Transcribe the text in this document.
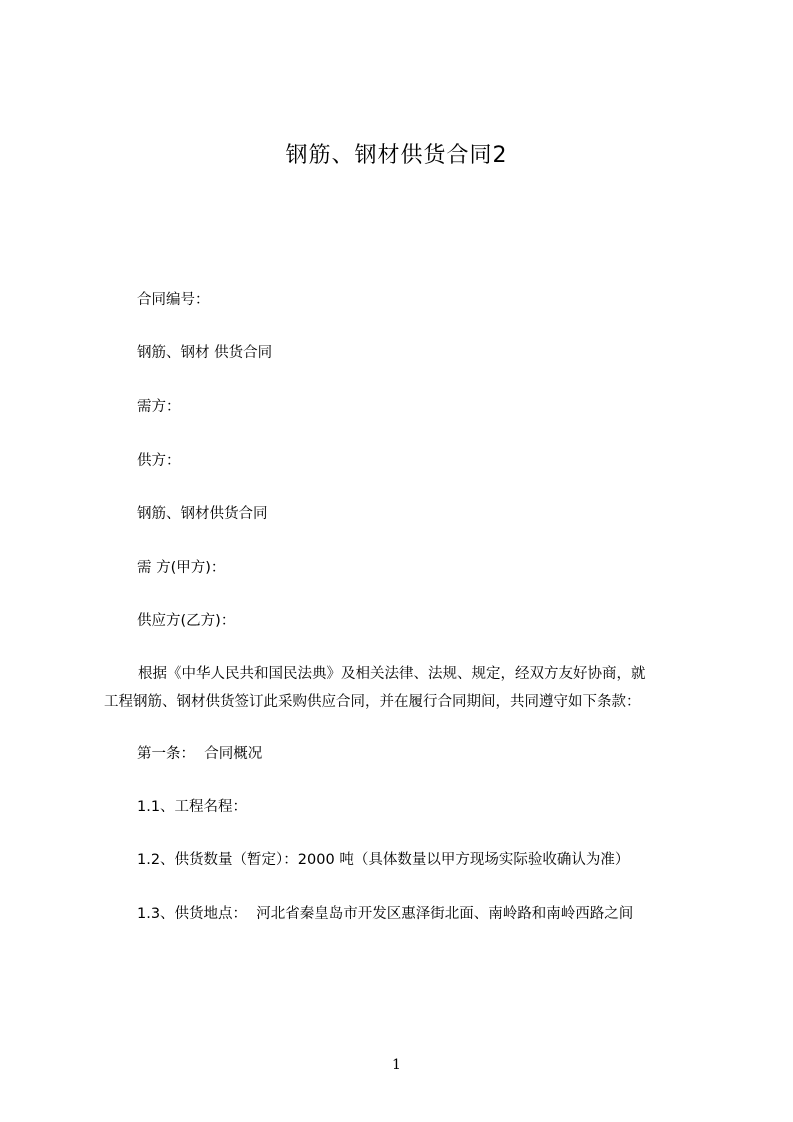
钢筋、钢材供货合同2
合同编号：
钢筋、钢材 供货合同
需方：
供方：
钢筋、钢材供货合同
需 方(甲方)：
供应方(乙方)：
根据《中华人民共和国民法典》及相关法律、法规、规定，经双方友好协商，就
工程钢筋、钢材供货签订此采购供应合同，并在履行合同期间，共同遵守如下条款：
第一条：  合同概况
1.1、工程名程：
1.2、供货数量（暂定）：2000 吨（具体数量以甲方现场实际验收确认为准）
1.3、供货地点：  河北省秦皇岛市开发区惠泽街北面、南岭路和南岭西路之间
1
